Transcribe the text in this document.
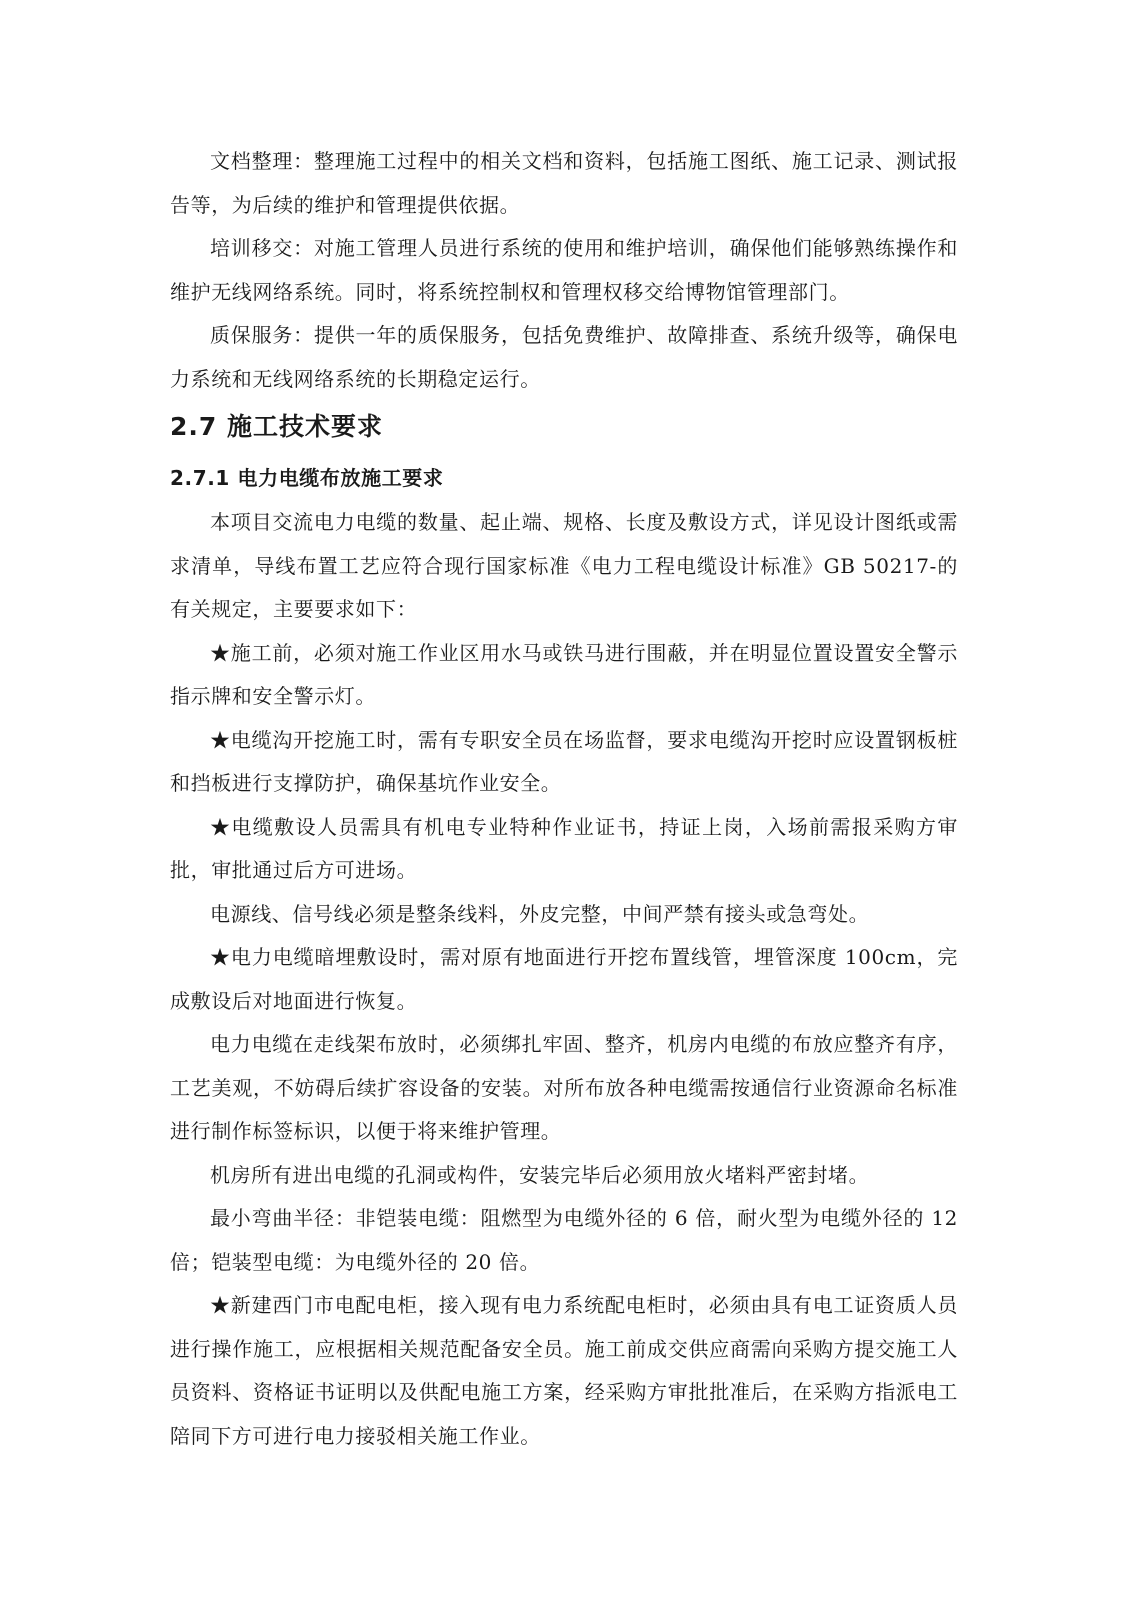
文档整理：整理施工过程中的相关文档和资料，包括施工图纸、施工记录、测试报告等，为后续的维护和管理提供依据。

培训移交：对施工管理人员进行系统的使用和维护培训，确保他们能够熟练操作和维护无线网络系统。同时，将系统控制权和管理权移交给博物馆管理部门。

质保服务：提供一年的质保服务，包括免费维护、故障排查、系统升级等，确保电力系统和无线网络系统的长期稳定运行。

2.7 施工技术要求
2.7.1 电力电缆布放施工要求

本项目交流电力电缆的数量、起止端、规格、长度及敷设方式，详见设计图纸或需求清单，导线布置工艺应符合现行国家标准《电力工程电缆设计标准》GB 50217-的有关规定，主要要求如下：

★施工前，必须对施工作业区用水马或铁马进行围蔽，并在明显位置设置安全警示指示牌和安全警示灯。

★电缆沟开挖施工时，需有专职安全员在场监督，要求电缆沟开挖时应设置钢板桩和挡板进行支撑防护，确保基坑作业安全。

★电缆敷设人员需具有机电专业特种作业证书，持证上岗，入场前需报采购方审批，审批通过后方可进场。

电源线、信号线必须是整条线料，外皮完整，中间严禁有接头或急弯处。

★电力电缆暗埋敷设时，需对原有地面进行开挖布置线管，埋管深度 100cm，完成敷设后对地面进行恢复。

电力电缆在走线架布放时，必须绑扎牢固、整齐，机房内电缆的布放应整齐有序，工艺美观，不妨碍后续扩容设备的安装。对所布放各种电缆需按通信行业资源命名标准进行制作标签标识，以便于将来维护管理。

机房所有进出电缆的孔洞或构件，安装完毕后必须用放火堵料严密封堵。

最小弯曲半径：非铠装电缆：阻燃型为电缆外径的 6 倍，耐火型为电缆外径的 12 倍；铠装型电缆：为电缆外径的 20 倍。

★新建西门市电配电柜，接入现有电力系统配电柜时，必须由具有电工证资质人员进行操作施工，应根据相关规范配备安全员。施工前成交供应商需向采购方提交施工人员资料、资格证书证明以及供配电施工方案，经采购方审批批准后，在采购方指派电工陪同下方可进行电力接驳相关施工作业。
